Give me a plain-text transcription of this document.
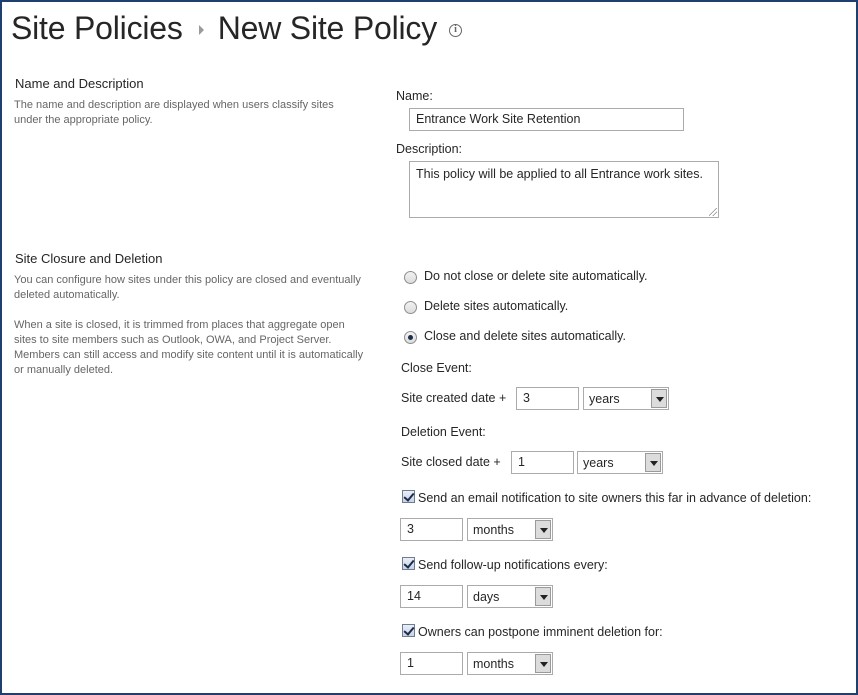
Site Policies New Site Policy	i
Name and Description
The name and description are displayed when users classify sites under the appropriate policy.
Name:
Entrance Work Site Retention
Description:
This policy will be applied to all Entrance work sites.
Site Closure and Deletion
You can configure how sites under this policy are closed and eventually deleted automatically.
When a site is closed, it is trimmed from places that aggregate open sites to site members such as Outlook, OWA, and Project Server. Members can still access and modify site content until it is automatically or manually deleted.
Do not close or delete site automatically.
Delete sites automatically.
Close and delete sites automatically.
Close Event:
Site created date +	3	years
Deletion Event:
Site closed date +	1	years
Send an email notification to site owners this far in advance of deletion:
3	months
Send follow-up notifications every:
14	days
Owners can postpone imminent deletion for:
1	months
